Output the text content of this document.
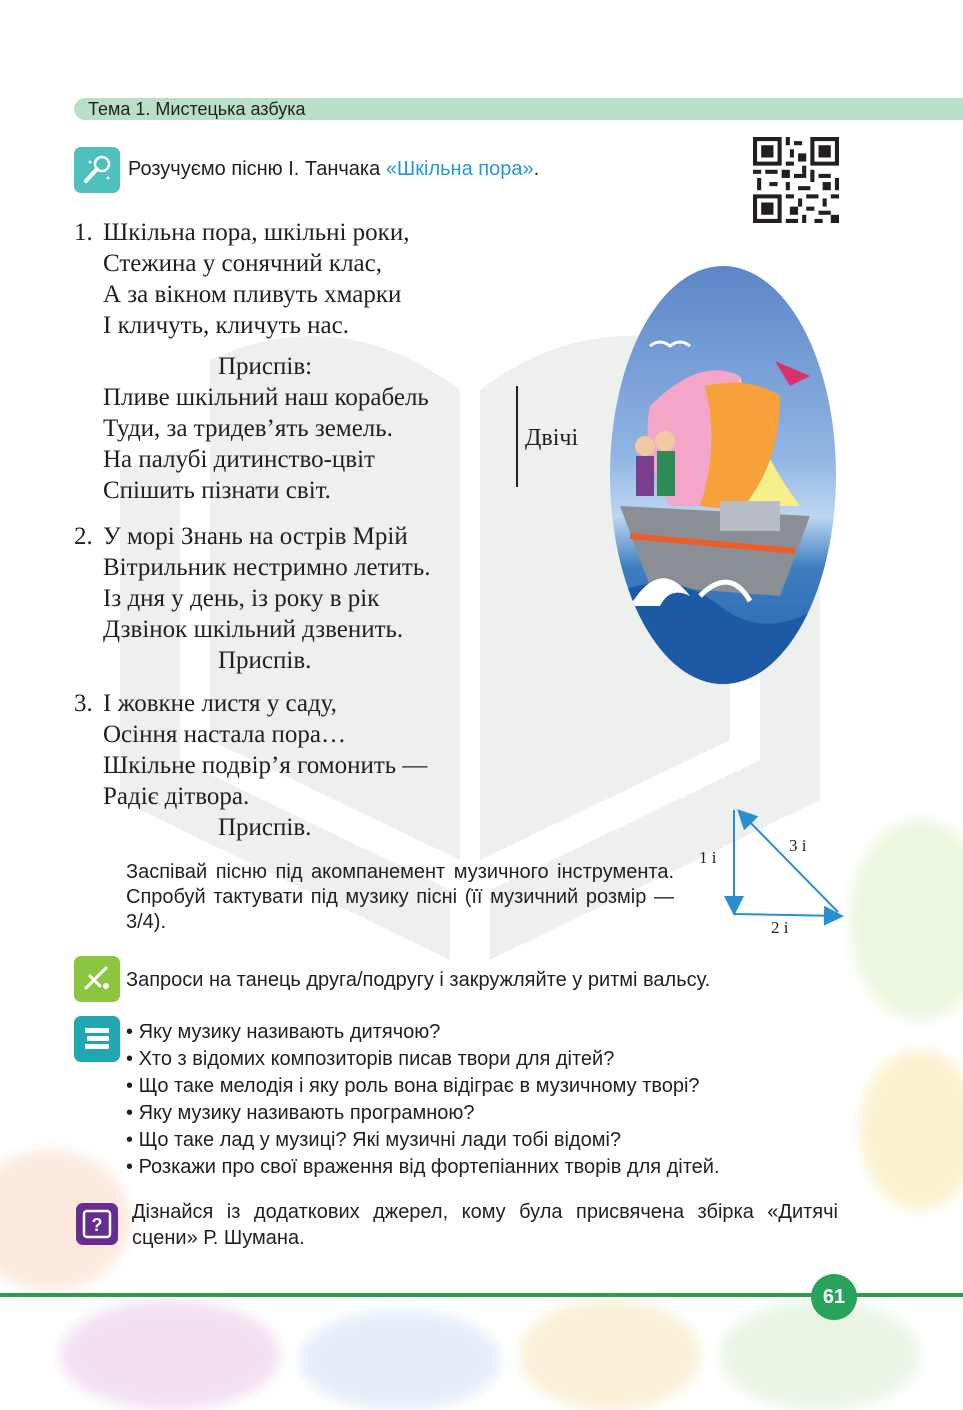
Тема 1. Мистецька азбука
Розучуємо пісню І. Танчака «Шкільна пора».
1. Шкільна пора, шкільні роки,
Стежина у сонячний клас,
А за вікном пливуть хмарки
І кличуть, кличуть нас.
Приспів:
Пливе шкільний наш корабель
Туди, за тридев’ять земель.
На палубі дитинство-цвіт
Спішить пізнати світ.
2. У морі Знань на острів Мрій
Вітрильник нестримно летить.
Із дня у день, із року в рік
Дзвінок шкільний дзвенить.
Приспів.
3. І жовкне листя у саду,
Осіння настала пора…
Шкільне подвір’я гомонить —
Радіє дітвора.
Приспів.
Двічі
Заспівай пісню під акомпанемент музичного інструмента. Спробуй тактувати під музику пісні (її музичний розмір — 3/4).
1 і
3 і
2 і
Запроси на танець друга/подругу і закружляйте у ритмі вальсу.
• Яку музику називають дитячою?
• Хто з відомих композиторів писав твори для дітей?
• Що таке мелодія і яку роль вона відіграє в музичному творі?
• Яку музику називають програмною?
• Що таке лад у музиці? Які музичні лади тобі відомі?
• Розкажи про свої враження від фортепіанних творів для дітей.
?
Дізнайся із додаткових джерел, кому була присвячена збірка «Дитячі сцени» Р. Шумана.
61
